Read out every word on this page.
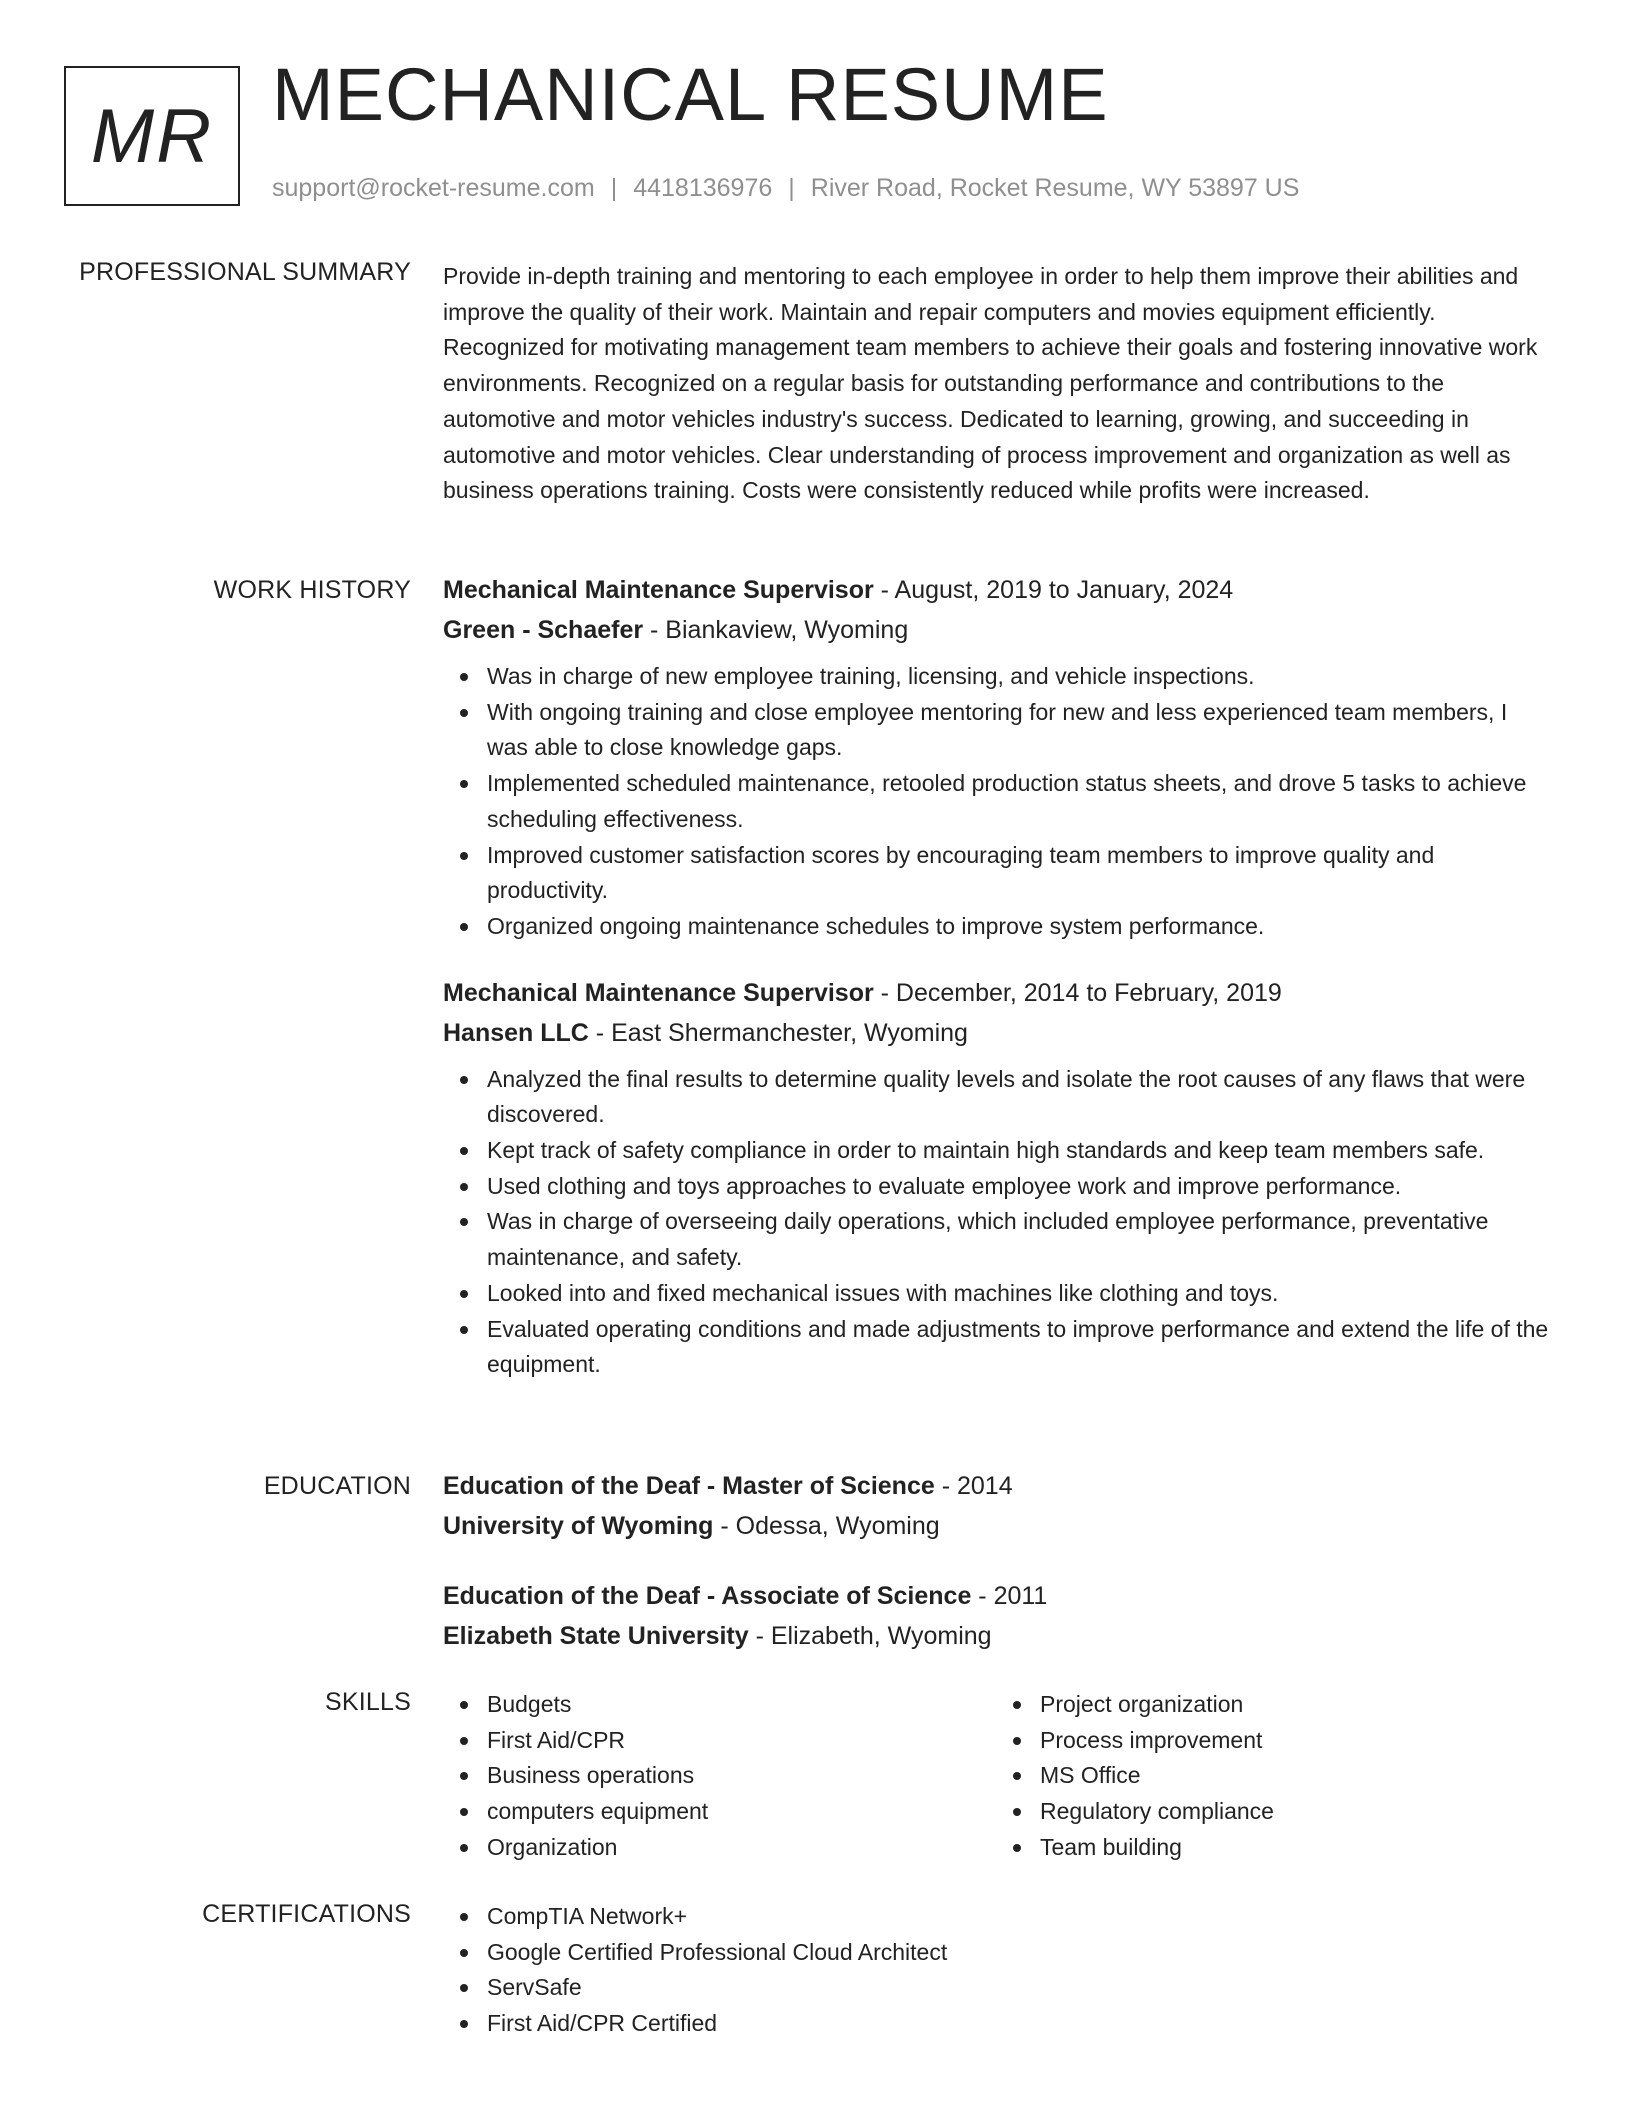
MR MECHANICAL RESUME
support@rocket-resume.com | 4418136976 | River Road, Rocket Resume, WY 53897 US
PROFESSIONAL SUMMARY Provide in-depth training and mentoring to each employee in order to help them improve their abilities and improve the quality of their work. Maintain and repair computers and movies equipment efficiently. Recognized for motivating management team members to achieve their goals and fostering innovative work environments. Recognized on a regular basis for outstanding performance and contributions to the automotive and motor vehicles industry's success. Dedicated to learning, growing, and succeeding in automotive and motor vehicles. Clear understanding of process improvement and organization as well as business operations training. Costs were consistently reduced while profits were increased.

WORK HISTORY Mechanical Maintenance Supervisor - August, 2019 to January, 2024
Green - Schaefer - Biankaview, Wyoming
Was in charge of new employee training, licensing, and vehicle inspections.
With ongoing training and close employee mentoring for new and less experienced team members, I was able to close knowledge gaps.
Implemented scheduled maintenance, retooled production status sheets, and drove 5 tasks to achieve scheduling effectiveness.
Improved customer satisfaction scores by encouraging team members to improve quality and productivity.
Organized ongoing maintenance schedules to improve system performance.
Mechanical Maintenance Supervisor - December, 2014 to February, 2019
Hansen LLC - East Shermanchester, Wyoming
Analyzed the final results to determine quality levels and isolate the root causes of any flaws that were discovered.
Kept track of safety compliance in order to maintain high standards and keep team members safe.
Used clothing and toys approaches to evaluate employee work and improve performance.
Was in charge of overseeing daily operations, which included employee performance, preventative maintenance, and safety.
Looked into and fixed mechanical issues with machines like clothing and toys.
Evaluated operating conditions and made adjustments to improve performance and extend the life of the equipment.
EDUCATION Education of the Deaf - Master of Science - 2014
University of Wyoming - Odessa, Wyoming
Education of the Deaf - Associate of Science - 2011
Elizabeth State University - Elizabeth, Wyoming
SKILLS	Budgets
First Aid/CPR
Business operations
computers equipment
Organization
Project organization
Process improvement
MS Office
Regulatory compliance
Team building
CERTIFICATIONS	CompTIA Network+
Google Certified Professional Cloud Architect
ServSafe
First Aid/CPR Certified
